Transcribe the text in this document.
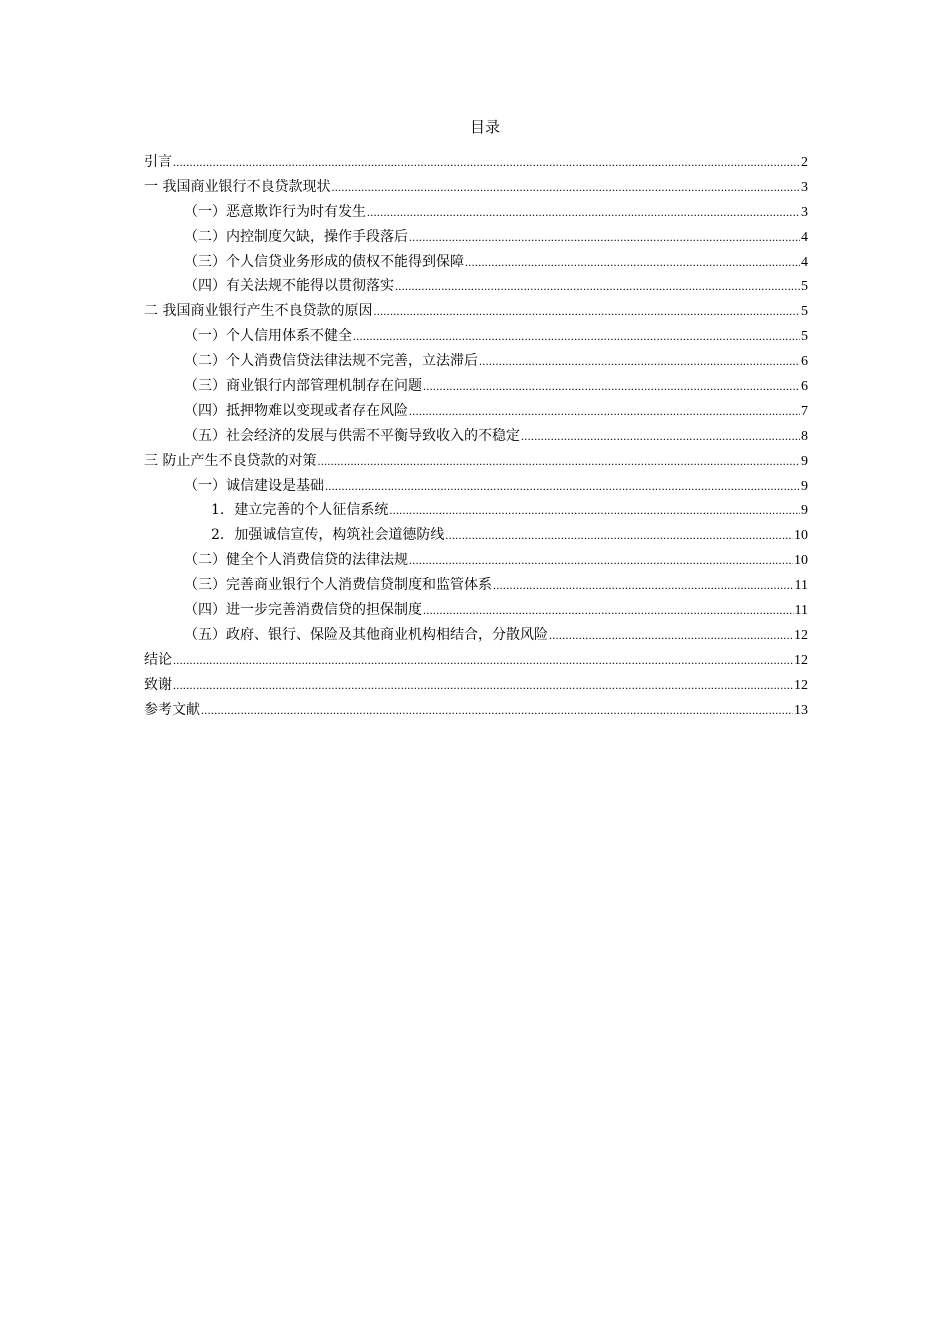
目录
引言 .....	2
一 我国商业银行不良贷款现状 .....	3
（一）恶意欺诈行为时有发生 .....	3
（二）内控制度欠缺，操作手段落后 .....	4
（三）个人信贷业务形成的债权不能得到保障 .....	4
（四）有关法规不能得以贯彻落实 .....	5
二 我国商业银行产生不良贷款的原因 .....	5
（一）个人信用体系不健全 .....	5
（二）个人消费信贷法律法规不完善，立法滞后 .....	6
（三）商业银行内部管理机制存在问题 .....	6
（四）抵押物难以变现或者存在风险 .....	7
（五）社会经济的发展与供需不平衡导致收入的不稳定 .....	8
三 防止产生不良贷款的对策 .....	9
（一）诚信建设是基础 .....	9
1. 建立完善的个人征信系统 .....	9
2. 加强诚信宣传，构筑社会道德防线 .....	10
（二）健全个人消费信贷的法律法规 .....	10
（三）完善商业银行个人消费信贷制度和监管体系 .....	11
（四）进一步完善消费信贷的担保制度 .....	11
（五）政府、银行、保险及其他商业机构相结合，分散风险 .....	12
结论 .....	12
致谢 .....	12
参考文献 .....	13
